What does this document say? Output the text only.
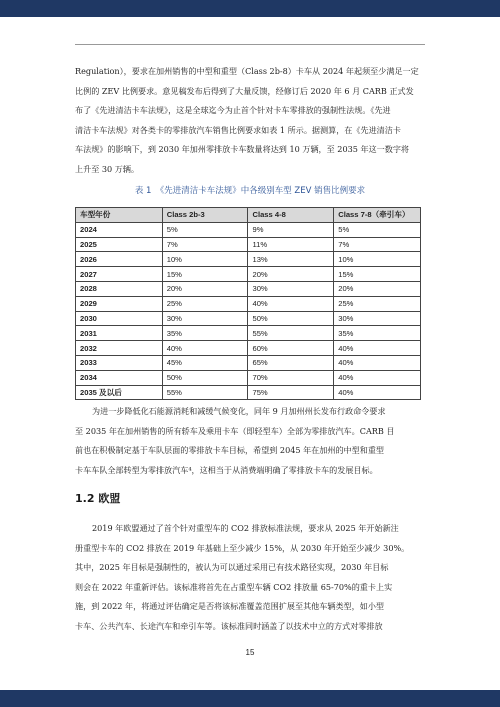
Regulation），要求在加州销售的中型和重型（Class 2b-8）卡车从 2024 年起须至少满足一定
比例的 ZEV 比例要求。意见稿发布后得到了大量反馈，经修订后 2020 年 6 月 CARB 正式发
布了《先进清洁卡车法规》，这是全球迄今为止首个针对卡车零排放的强制性法规。《先进
清洁卡车法规》对各类卡的零排放汽车销售比例要求如表 1 所示。据测算，在《先进清洁卡
车法规》的影响下，到 2030 年加州零排放卡车数量将达到 10 万辆，至 2035 年这一数字将
上升至 30 万辆。

表 1　《先进清洁卡车法规》中各级别车型 ZEV 销售比例要求

车型年份	Class 2b-3	Class 4-8	Class 7-8（牵引车）
2024	5%	9%	5%
2025	7%	11%	7%
2026	10%	13%	10%
2027	15%	20%	15%
2028	20%	30%	20%
2029	25%	40%	25%
2030	30%	50%	30%
2031	35%	55%	35%
2032	40%	60%	40%
2033	45%	65%	40%
2034	50%	70%	40%
2035 及以后	55%	75%	40%

为进一步降低化石能源消耗和减缓气候变化，同年 9 月加州州长发布行政命令要求
至 2035 年在加州销售的所有轿车及乘用卡车（即轻型车）全部为零排放汽车。CARB 目
前也在积极制定基于车队层面的零排放卡车目标，希望到 2045 年在加州的中型和重型
卡车车队全部转型为零排放汽车⁴，这相当于从消费端明确了零排放卡车的发展目标。

1.2 欧盟

2019 年欧盟通过了首个针对重型车的 CO2 排放标准法规，要求从 2025 年开始新注
册重型卡车的 CO2 排放在 2019 年基础上至少减少 15%，从 2030 年开始至少减少 30%。
其中，2025 年目标是强制性的，被认为可以通过采用已有技术路径实现，2030 年目标
则会在 2022 年重新评估。该标准将首先在占重型车辆 CO2 排放量 65-70%的重卡上实
施，到 2022 年，将通过评估确定是否将该标准覆盖范围扩展至其他车辆类型，如小型
卡车、公共汽车、长途汽车和牵引车等。该标准同时涵盖了以技术中立的方式对零排放

15
